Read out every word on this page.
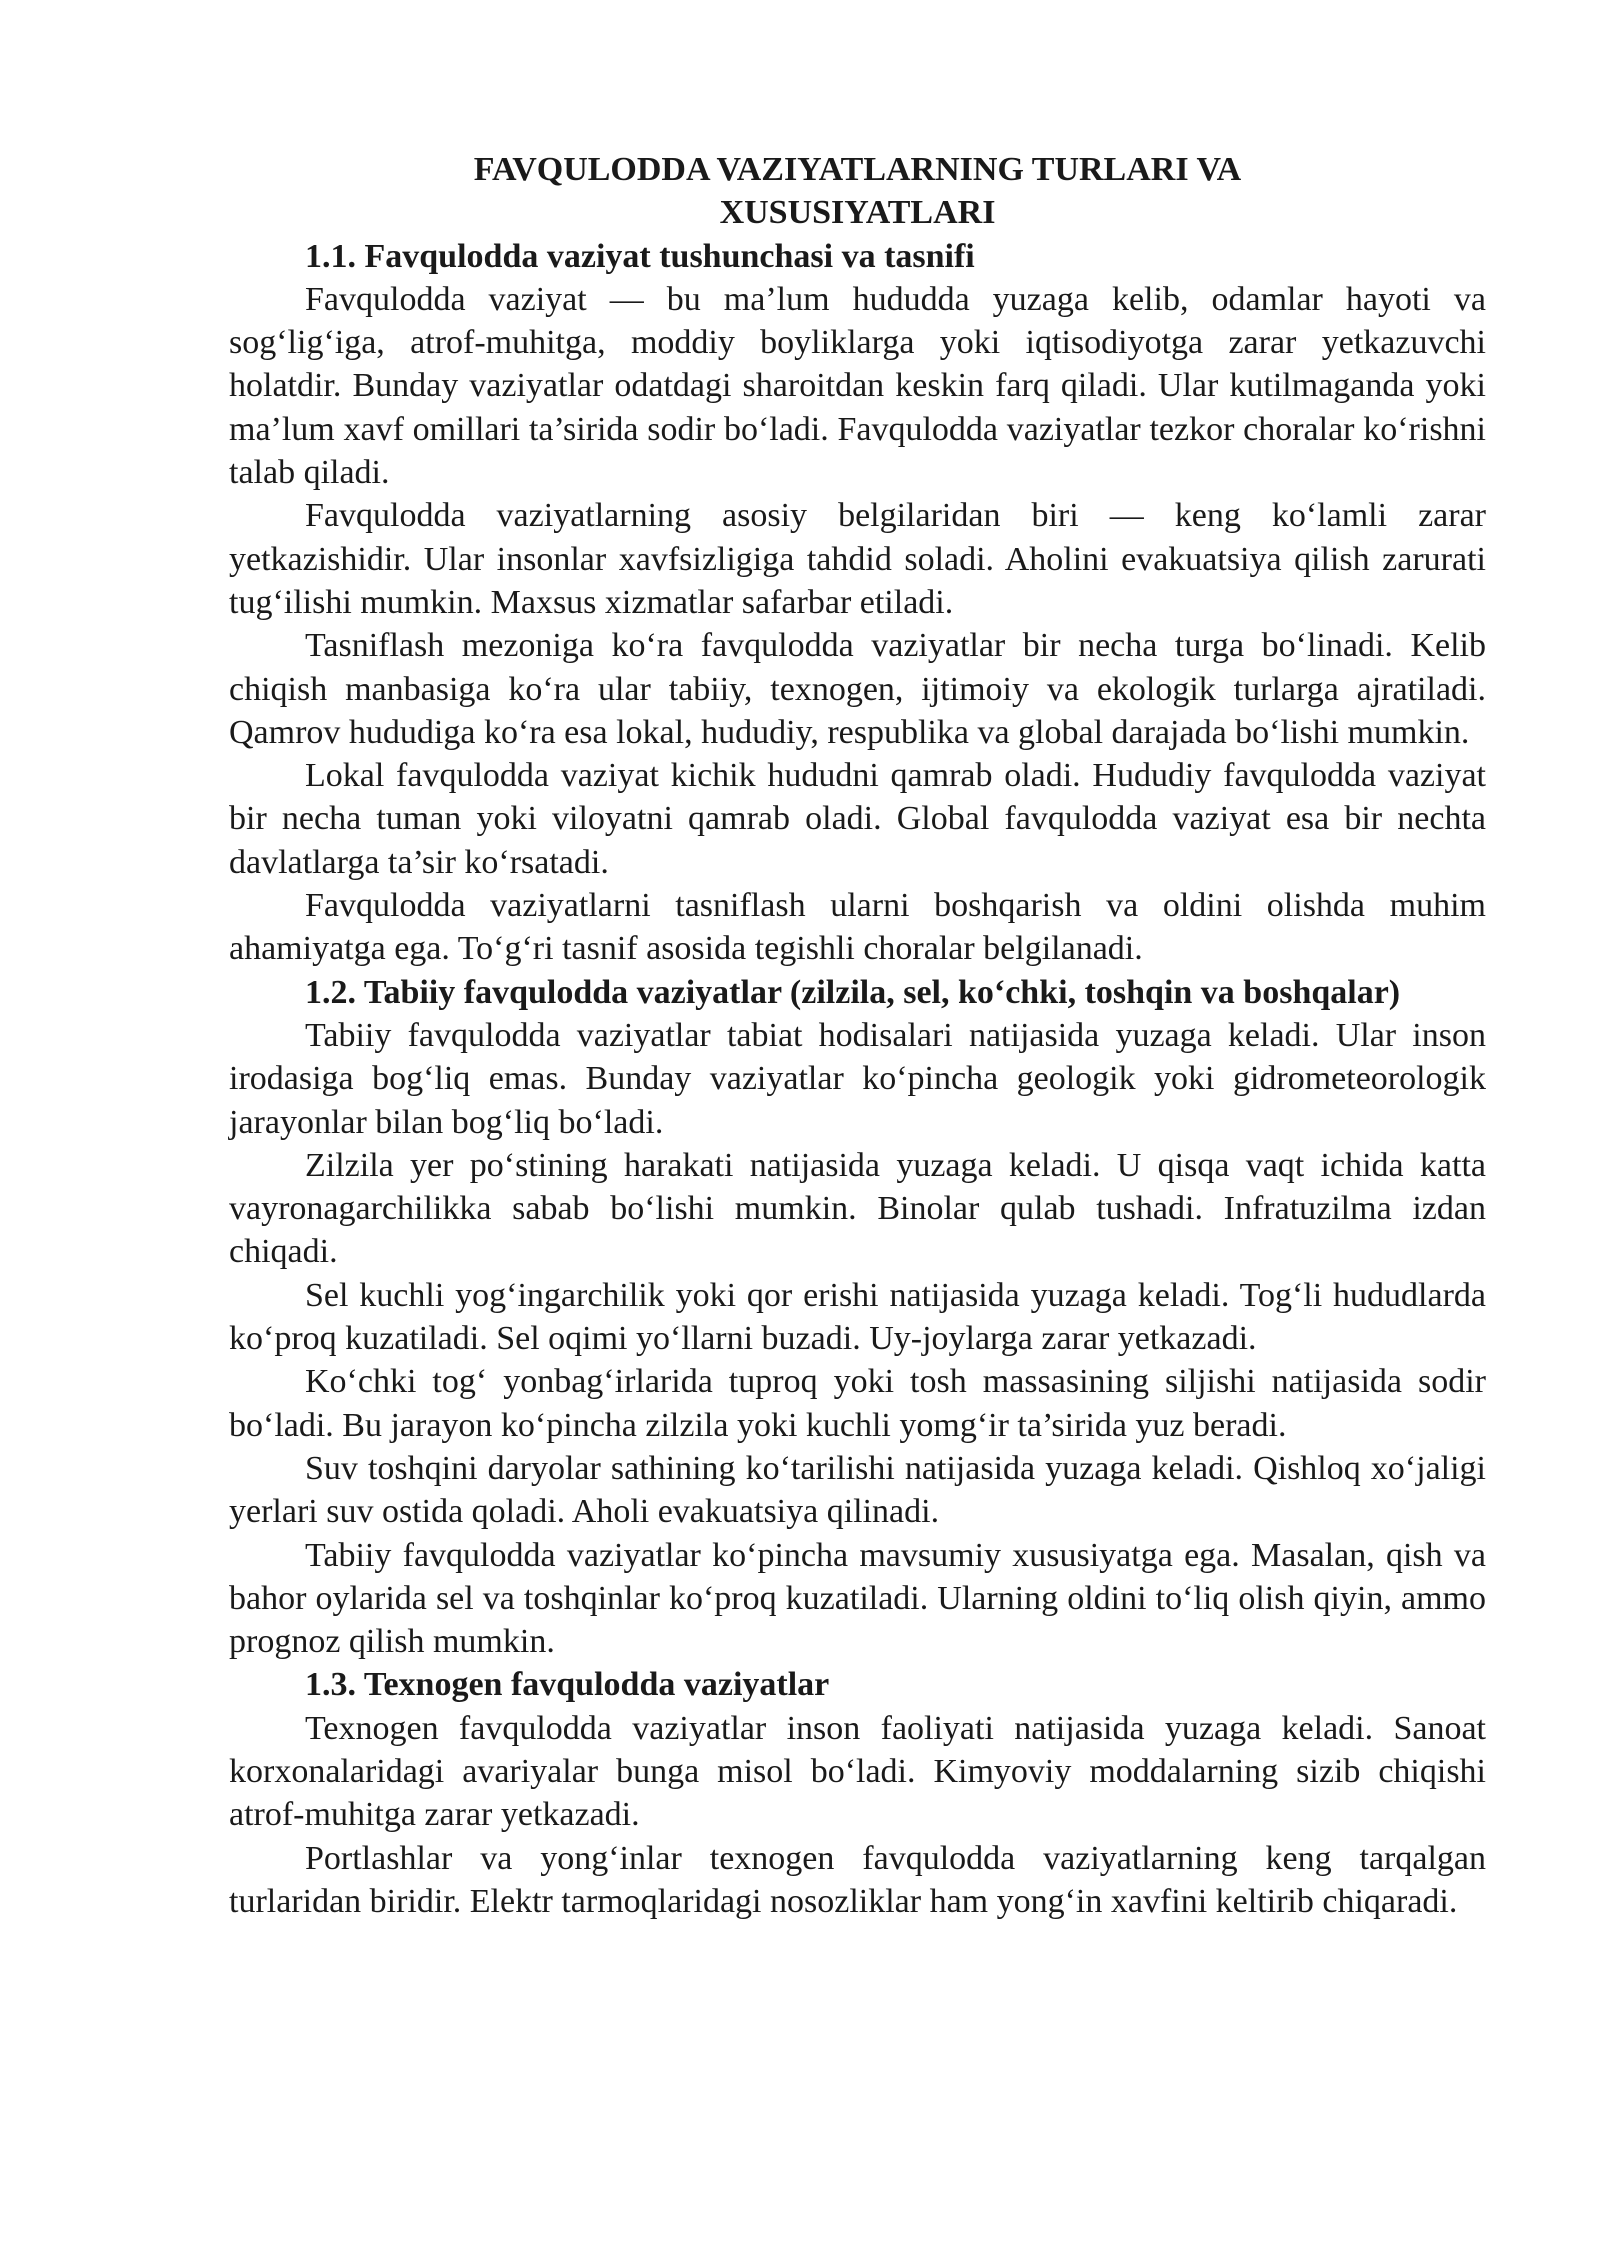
FAVQULODDA VAZIYATLARNING TURLARI VA XUSUSIYATLARI

1.1. Favqulodda vaziyat tushunchasi va tasnifi

Favqulodda vaziyat — bu ma’lum hududda yuzaga kelib, odamlar hayoti va sog‘lig‘iga, atrof-muhitga, moddiy boyliklarga yoki iqtisodiyotga zarar yetkazuvchi holatdir. Bunday vaziyatlar odatdagi sharoitdan keskin farq qiladi. Ular kutilmaganda yoki ma’lum xavf omillari ta’sirida sodir bo‘ladi. Favqulodda vaziyatlar tezkor choralar ko‘rishni talab qiladi.

Favqulodda vaziyatlarning asosiy belgilaridan biri — keng ko‘lamli zarar yetkazishidir. Ular insonlar xavfsizligiga tahdid soladi. Aholini evakuatsiya qilish zarurati tug‘ilishi mumkin. Maxsus xizmatlar safarbar etiladi.

Tasniflash mezoniga ko‘ra favqulodda vaziyatlar bir necha turga bo‘linadi. Kelib chiqish manbasiga ko‘ra ular tabiiy, texnogen, ijtimoiy va ekologik turlarga ajratiladi. Qamrov hududiga ko‘ra esa lokal, hududiy, respublika va global darajada bo‘lishi mumkin.

Lokal favqulodda vaziyat kichik hududni qamrab oladi. Hududiy favqulodda vaziyat bir necha tuman yoki viloyatni qamrab oladi. Global favqulodda vaziyat esa bir nechta davlatlarga ta’sir ko‘rsatadi.

Favqulodda vaziyatlarni tasniflash ularni boshqarish va oldini olishda muhim ahamiyatga ega. To‘g‘ri tasnif asosida tegishli choralar belgilanadi.

1.2. Tabiiy favqulodda vaziyatlar (zilzila, sel, ko‘chki, toshqin va boshqalar)

Tabiiy favqulodda vaziyatlar tabiat hodisalari natijasida yuzaga keladi. Ular inson irodasiga bog‘liq emas. Bunday vaziyatlar ko‘pincha geologik yoki gidrometeorologik jarayonlar bilan bog‘liq bo‘ladi.

Zilzila yer po‘stining harakati natijasida yuzaga keladi. U qisqa vaqt ichida katta vayronagarchilikka sabab bo‘lishi mumkin. Binolar qulab tushadi. Infratuzilma izdan chiqadi.

Sel kuchli yog‘ingarchilik yoki qor erishi natijasida yuzaga keladi. Tog‘li hududlarda ko‘proq kuzatiladi. Sel oqimi yo‘llarni buzadi. Uy-joylarga zarar yetkazadi.

Ko‘chki tog‘ yonbag‘irlarida tuproq yoki tosh massasining siljishi natijasida sodir bo‘ladi. Bu jarayon ko‘pincha zilzila yoki kuchli yomg‘ir ta’sirida yuz beradi.

Suv toshqini daryolar sathining ko‘tarilishi natijasida yuzaga keladi. Qishloq xo‘jaligi yerlari suv ostida qoladi. Aholi evakuatsiya qilinadi.

Tabiiy favqulodda vaziyatlar ko‘pincha mavsumiy xususiyatga ega. Masalan, qish va bahor oylarida sel va toshqinlar ko‘proq kuzatiladi. Ularning oldini to‘liq olish qiyin, ammo prognoz qilish mumkin.

1.3. Texnogen favqulodda vaziyatlar

Texnogen favqulodda vaziyatlar inson faoliyati natijasida yuzaga keladi. Sanoat korxonalaridagi avariyalar bunga misol bo‘ladi. Kimyoviy moddalarning sizib chiqishi atrof-muhitga zarar yetkazadi.

Portlashlar va yong‘inlar texnogen favqulodda vaziyatlarning keng tarqalgan turlaridan biridir. Elektr tarmoqlaridagi nosozliklar ham yong‘in xavfini keltirib chiqaradi.
